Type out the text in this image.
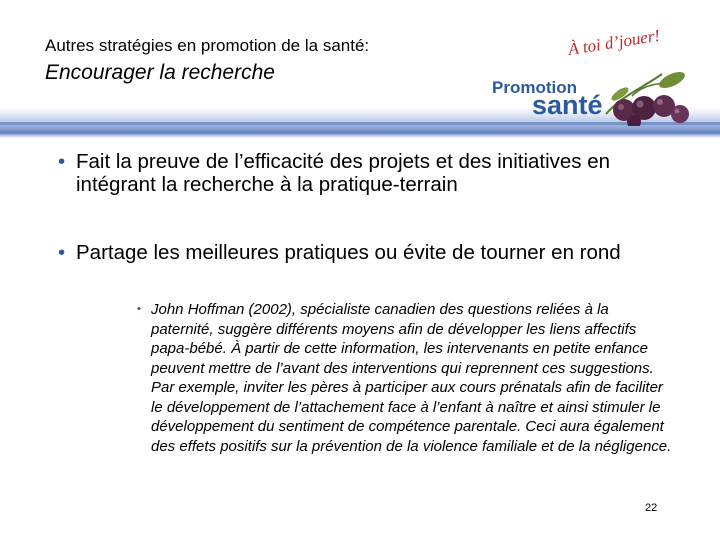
Autres stratégies en promotion de la santé:
Encourager la recherche
À toi d’jouer!
Promotion
santé
• Fait la preuve de l’efficacité des projets et des initiatives en intégrant la recherche à la pratique-terrain
• Partage les meilleures pratiques ou évite de tourner en rond
• John Hoffman (2002), spécialiste canadien des questions reliées à la paternité, suggère différents moyens afin de développer les liens affectifs papa-bébé. À partir de cette information, les intervenants en petite enfance peuvent mettre de l’avant des interventions qui reprennent ces suggestions. Par exemple, inviter les pères à participer aux cours prénatals afin de faciliter le développement de l’attachement face à l’enfant à naître et ainsi stimuler le développement du sentiment de compétence parentale. Ceci aura également des effets positifs sur la prévention de la violence familiale et de la négligence.
22
